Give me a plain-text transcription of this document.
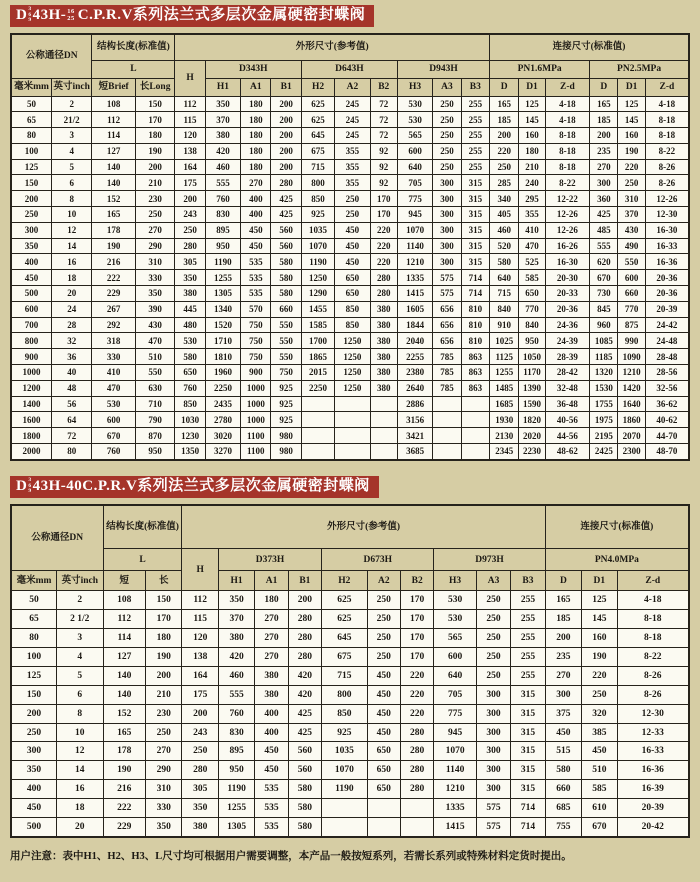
D 3
6
9 43H- 16
25 C.P.R.V系列法兰式多层次金属硬密封蝶阀
公称通径DN		结构长度(标准值)		外形尺寸(参考值)										连接尺寸(标准值)					
		L		H	D343H			D643H			D943H			PN1.6MPa			PN2.5MPa		
毫米mm	英寸inch	短Brief	长Long		H1	A1	B1	H2	A2	B2	H3	A3	B3	D	D1	Z-d	D	D1	Z-d
50	2	108	150	112	350	180	200	625	245	72	530	250	255	165	125	4-18	165	125	4-18
65	21/2	112	170	115	370	180	200	625	245	72	530	250	255	185	145	4-18	185	145	8-18
80	3	114	180	120	380	180	200	645	245	72	565	250	255	200	160	8-18	200	160	8-18
100	4	127	190	138	420	180	200	675	355	92	600	250	255	220	180	8-18	235	190	8-22
125	5	140	200	164	460	180	200	715	355	92	640	250	255	250	210	8-18	270	220	8-26
150	6	140	210	175	555	270	280	800	355	92	705	300	315	285	240	8-22	300	250	8-26
200	8	152	230	200	760	400	425	850	250	170	775	300	315	340	295	12-22	360	310	12-26
250	10	165	250	243	830	400	425	925	250	170	945	300	315	405	355	12-26	425	370	12-30
300	12	178	270	250	895	450	560	1035	450	220	1070	300	315	460	410	12-26	485	430	16-30
350	14	190	290	280	950	450	560	1070	450	220	1140	300	315	520	470	16-26	555	490	16-33
400	16	216	310	305	1190	535	580	1190	450	220	1210	300	315	580	525	16-30	620	550	16-36
450	18	222	330	350	1255	535	580	1250	650	280	1335	575	714	640	585	20-30	670	600	20-36
500	20	229	350	380	1305	535	580	1290	650	280	1415	575	714	715	650	20-33	730	660	20-36
600	24	267	390	445	1340	570	660	1455	850	380	1605	656	810	840	770	20-36	845	770	20-39
700	28	292	430	480	1520	750	550	1585	850	380	1844	656	810	910	840	24-36	960	875	24-42
800	32	318	470	530	1710	750	550	1700	1250	380	2040	656	810	1025	950	24-39	1085	990	24-48
900	36	330	510	580	1810	750	550	1865	1250	380	2255	785	863	1125	1050	28-39	1185	1090	28-48
1000	40	410	550	650	1960	900	750	2015	1250	380	2380	785	863	1255	1170	28-42	1320	1210	28-56
1200	48	470	630	760	2250	1000	925	2250	1250	380	2640	785	863	1485	1390	32-48	1530	1420	32-56
1400	56	530	710	850	2435	1000	925				2886			1685	1590	36-48	1755	1640	36-62
1600	64	600	790	1030	2780	1000	925				3156			1930	1820	40-56	1975	1860	40-62
1800	72	670	870	1230	3020	1100	980				3421			2130	2020	44-56	2195	2070	44-70
2000	80	760	950	1350	3270	1100	980				3685			2345	2230	48-62	2425	2300	48-70
D 3
6
9 43H- 40 C.P.R.V系列法兰式多层次金属硬密封蝶阀
公称通径DN		结构长度(标准值)		外形尺寸(参考值)										连接尺寸(标准值)		
		L		H	D373H			D673H			D973H			PN4.0MPa		
毫米mm	英寸inch	短	长		H1	A1	B1	H2	A2	B2	H3	A3	B3	D	D1	Z-d
50	2	108	150	112	350	180	200	625	250	170	530	250	255	165	125	4-18
65	2 1/2	112	170	115	370	270	280	625	250	170	530	250	255	185	145	8-18
80	3	114	180	120	380	270	280	645	250	170	565	250	255	200	160	8-18
100	4	127	190	138	420	270	280	675	250	170	600	250	255	235	190	8-22
125	5	140	200	164	460	380	420	715	450	220	640	250	255	270	220	8-26
150	6	140	210	175	555	380	420	800	450	220	705	300	315	300	250	8-26
200	8	152	230	200	760	400	425	850	450	220	775	300	315	375	320	12-30
250	10	165	250	243	830	400	425	925	450	280	945	300	315	450	385	12-33
300	12	178	270	250	895	450	560	1035	650	280	1070	300	315	515	450	16-33
350	14	190	290	280	950	450	560	1070	650	280	1140	300	315	580	510	16-36
400	16	216	310	305	1190	535	580	1190	650	280	1210	300	315	660	585	16-39
450	18	222	330	350	1255	535	580				1335	575	714	685	610	20-39
500	20	229	350	380	1305	535	580				1415	575	714	755	670	20-42
用户注意：表中H1、H2、H3、L尺寸均可根据用户需要调整，本产品一般按短系列，若需长系列或特殊材料定货时提出。
